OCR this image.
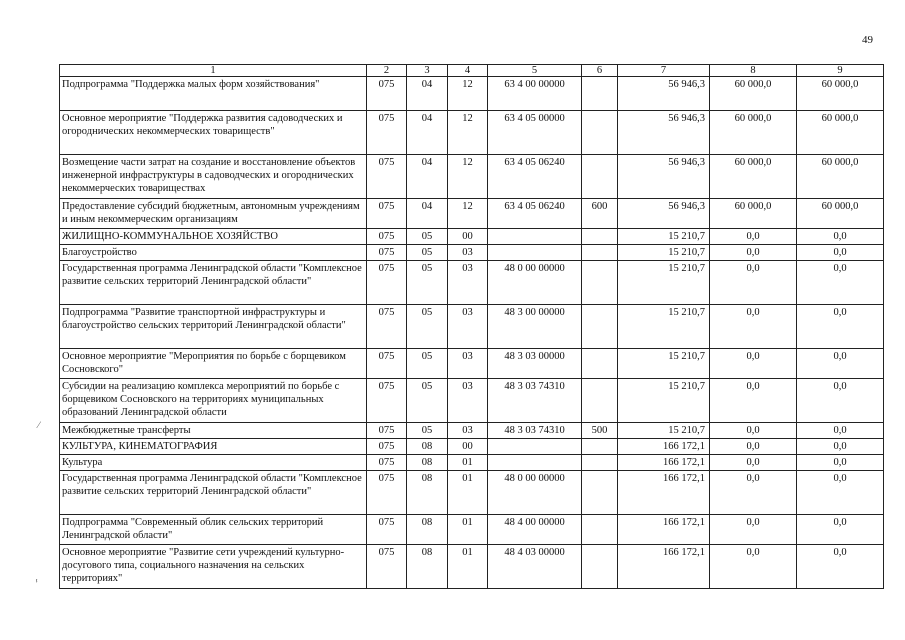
49
1	2	3	4	5	6	7	8	9
Подпрограмма "Поддержка малых форм хозяйствования"	075	04	12	63 4 00 00000		56 946,3	60 000,0	60 000,0
Основное мероприятие "Поддержка развития садоводческих и огороднических некоммерческих товариществ"	075	04	12	63 4 05 00000		56 946,3	60 000,0	60 000,0
Возмещение части затрат на создание и восстановление объектов инженерной инфраструктуры в садоводческих и огороднических некоммерческих товариществах	075	04	12	63 4 05 06240		56 946,3	60 000,0	60 000,0
Предоставление субсидий бюджетным, автономным учреждениям и иным некоммерческим организациям	075	04	12	63 4 05 06240	600	56 946,3	60 000,0	60 000,0
ЖИЛИЩНО-КОММУНАЛЬНОЕ ХОЗЯЙСТВО	075	05	00			15 210,7	0,0	0,0
Благоустройство	075	05	03			15 210,7	0,0	0,0
Государственная программа Ленинградской области "Комплексное развитие сельских территорий Ленинградской области"	075	05	03	48 0 00 00000		15 210,7	0,0	0,0
Подпрограмма "Развитие транспортной инфраструктуры и благоустройство сельских территорий Ленинградской области"	075	05	03	48 3 00 00000		15 210,7	0,0	0,0
Основное мероприятие "Мероприятия по борьбе с борщевиком Сосновского"	075	05	03	48 3 03 00000		15 210,7	0,0	0,0
Субсидии на реализацию комплекса мероприятий по борьбе с борщевиком Сосновского на территориях муниципальных образований Ленинградской области	075	05	03	48 3 03 74310		15 210,7	0,0	0,0
Межбюджетные трансферты	075	05	03	48 3 03 74310	500	15 210,7	0,0	0,0
КУЛЬТУРА, КИНЕМАТОГРАФИЯ	075	08	00			166 172,1	0,0	0,0
Культура	075	08	01			166 172,1	0,0	0,0
Государственная программа Ленинградской области "Комплексное развитие сельских территорий Ленинградской области"	075	08	01	48 0 00 00000		166 172,1	0,0	0,0
Подпрограмма "Современный облик сельских территорий Ленинградской области"	075	08	01	48 4 00 00000		166 172,1	0,0	0,0
Основное мероприятие "Развитие сети учреждений культурно-досугового типа, социального назначения на сельских территориях"	075	08	01	48 4 03 00000		166 172,1	0,0	0,0
⁄
ⸯ
